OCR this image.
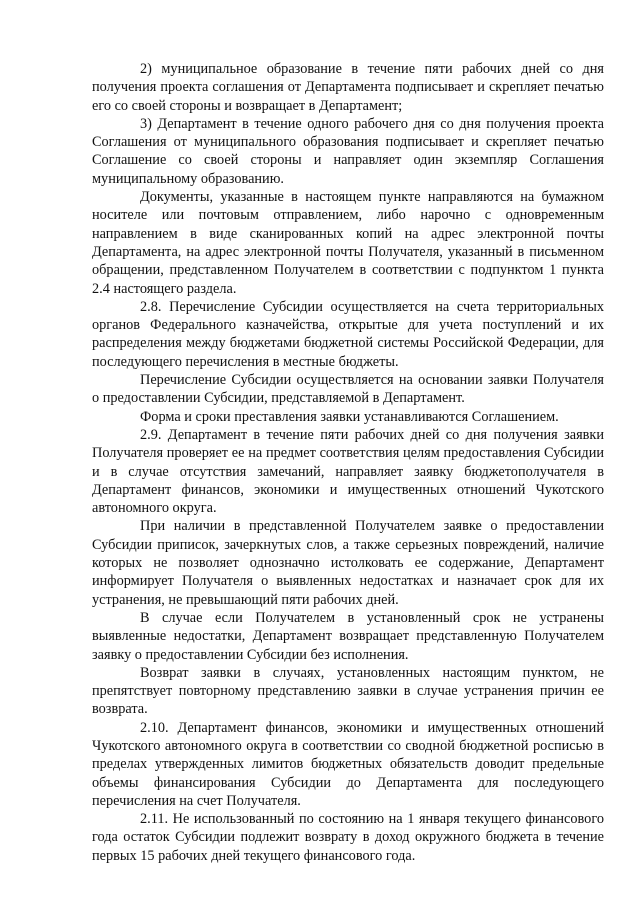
2) муниципальное образование в течение пяти рабочих дней со дня получения проекта соглашения от Департамента подписывает и скрепляет печатью его со своей стороны и возвращает в Департамент;

3) Департамент в течение одного рабочего дня со дня получения проекта Соглашения от муниципального образования подписывает и скрепляет печатью Соглашение со своей стороны и направляет один экземпляр Соглашения муниципальному образованию.

Документы, указанные в настоящем пункте направляются на бумажном носителе или почтовым отправлением, либо нарочно с одновременным направлением в виде сканированных копий на адрес электронной почты Департамента, на адрес электронной почты Получателя, указанный в письменном обращении, представленном Получателем в соответствии с подпунктом 1 пункта 2.4 настоящего раздела.

2.8. Перечисление Субсидии осуществляется на счета территориальных органов Федерального казначейства, открытые для учета поступлений и их распределения между бюджетами бюджетной системы Российской Федерации, для последующего перечисления в местные бюджеты.

Перечисление Субсидии осуществляется на основании заявки Получателя о предоставлении Субсидии, представляемой в Департамент.

Форма и сроки преставления заявки устанавливаются Соглашением.

2.9. Департамент в течение пяти рабочих дней со дня получения заявки Получателя проверяет ее на предмет соответствия целям предоставления Субсидии и в случае отсутствия замечаний, направляет заявку бюджетополучателя в Департамент финансов, экономики и имущественных отношений Чукотского автономного округа.

При наличии в представленной Получателем заявке о предоставлении Субсидии приписок, зачеркнутых слов, а также серьезных повреждений, наличие которых не позволяет однозначно истолковать ее содержание, Департамент информирует Получателя о выявленных недостатках и назначает срок для их устранения, не превышающий пяти рабочих дней.

В случае если Получателем в установленный срок не устранены выявленные недостатки, Департамент возвращает представленную Получателем заявку о предоставлении Субсидии без исполнения.

Возврат заявки в случаях, установленных настоящим пунктом, не препятствует повторному представлению заявки в случае устранения причин ее возврата.

2.10. Департамент финансов, экономики и имущественных отношений Чукотского автономного округа в соответствии со сводной бюджетной росписью в пределах утвержденных лимитов бюджетных обязательств доводит предельные объемы финансирования Субсидии до Департамента для последующего перечисления на счет Получателя.

2.11. Не использованный по состоянию на 1 января текущего финансового года остаток Субсидии подлежит возврату в доход окружного бюджета в течение первых 15 рабочих дней текущего финансового года.
